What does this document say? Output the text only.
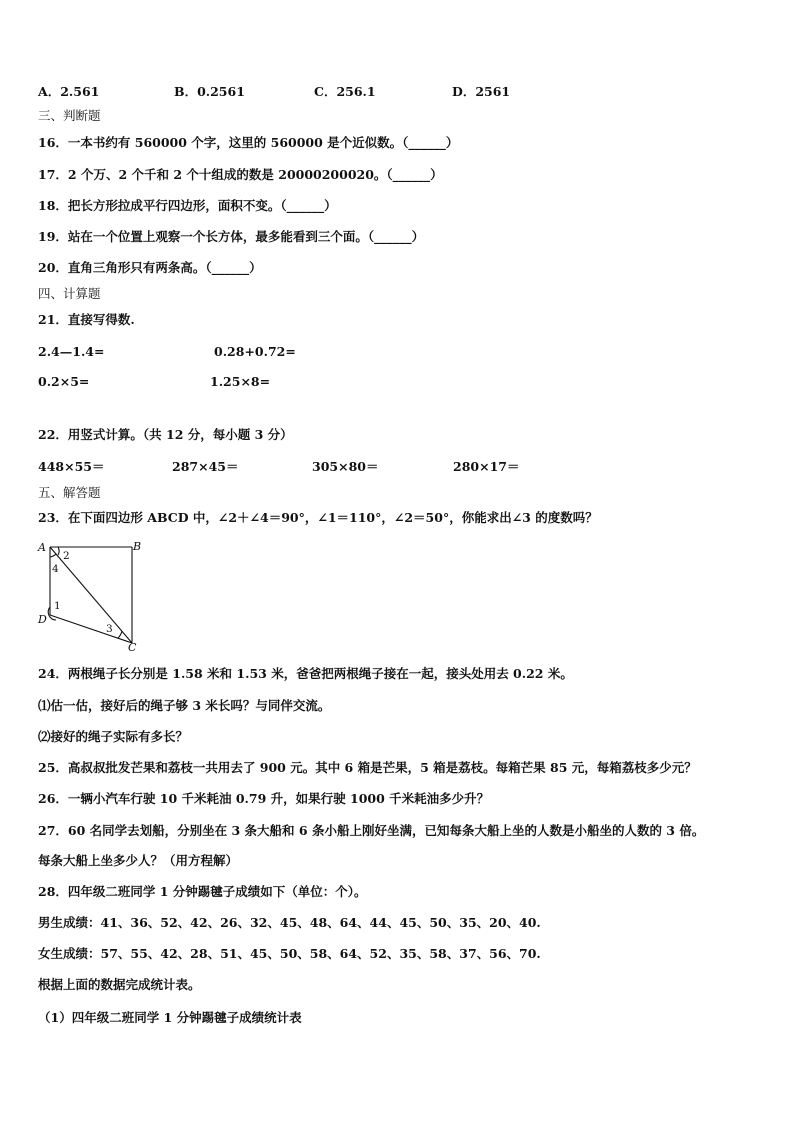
A．2.561	B．0.2561	C．256.1	D．2561
三、判断题
16．一本书约有 560000 个字，这里的 560000 是个近似数。（______）
17．2 个万、2 个千和 2 个十组成的数是 20000200020。（______）
18．把长方形拉成平行四边形，面积不变。（______）
19．站在一个位置上观察一个长方体，最多能看到三个面。（______）
20．直角三角形只有两条高。（______）
四、计算题
21．直接写得数.
2.4—1.4=	0.28+0.72=
0.2×5=	1.25×8=
22．用竖式计算。（共 12 分，每小题 3 分）
448×55＝	287×45＝	305×80＝	280×17＝
五、解答题
23．在下面四边形 ABCD 中，∠2＋∠4＝90°，∠1＝110°，∠2＝50°，你能求出∠3 的度数吗？
A	B
C
D
1
2
3
4
24．两根绳子长分别是 1.58 米和 1.53 米，爸爸把两根绳子接在一起，接头处用去 0.22 米。
⑴估一估，接好后的绳子够 3 米长吗？与同伴交流。
⑵接好的绳子实际有多长？
25．高叔叔批发芒果和荔枝一共用去了 900 元。其中 6 箱是芒果，5 箱是荔枝。每箱芒果 85 元，每箱荔枝多少元？
26．一辆小汽车行驶 10 千米耗油 0.79 升，如果行驶 1000 千米耗油多少升？
27．60 名同学去划船，分别坐在 3 条大船和 6 条小船上刚好坐满，已知每条大船上坐的人数是小船坐的人数的 3 倍。
每条大船上坐多少人？（用方程解）
28．四年级二班同学 1 分钟踢毽子成绩如下（单位：个）。
男生成绩：41、36、52、42、26、32、45、48、64、44、45、50、35、20、40.
女生成绩：57、55、42、28、51、45、50、58、64、52、35、58、37、56、70.
根据上面的数据完成统计表。
（1）四年级二班同学 1 分钟踢毽子成绩统计表
